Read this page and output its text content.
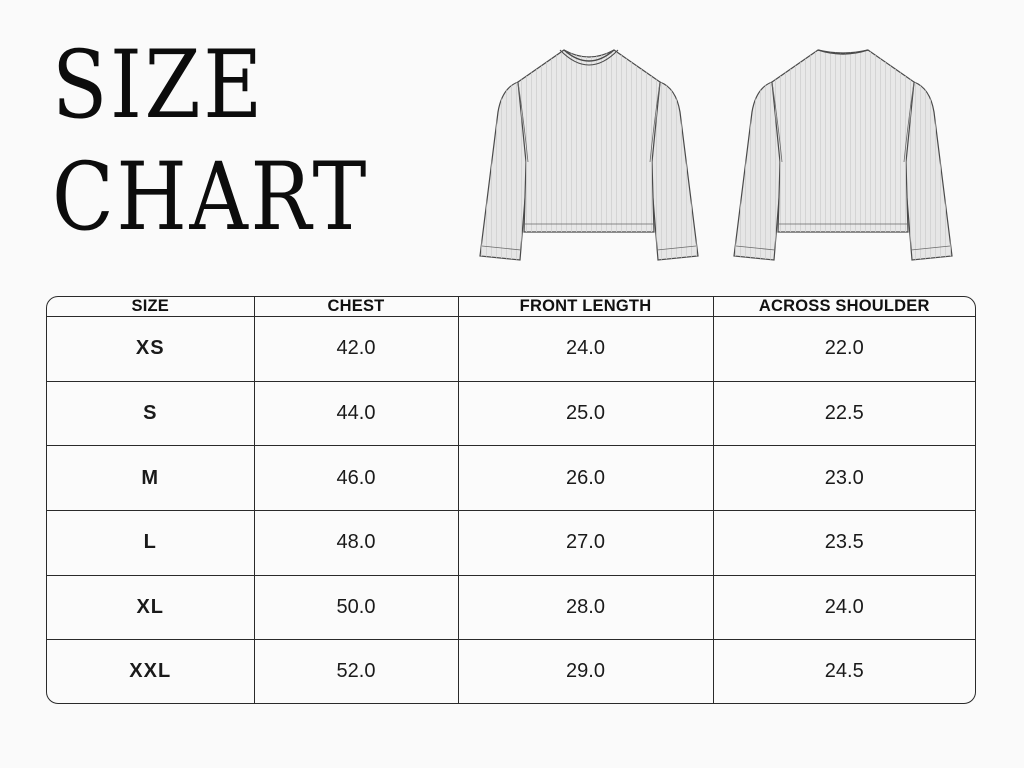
SIZE
CHART
SIZE	CHEST	FRONT LENGTH	ACROSS SHOULDER
XS	42.0	24.0	22.0
S	44.0	25.0	22.5
M	46.0	26.0	23.0
L	48.0	27.0	23.5
XL	50.0	28.0	24.0
XXL	52.0	29.0	24.5
